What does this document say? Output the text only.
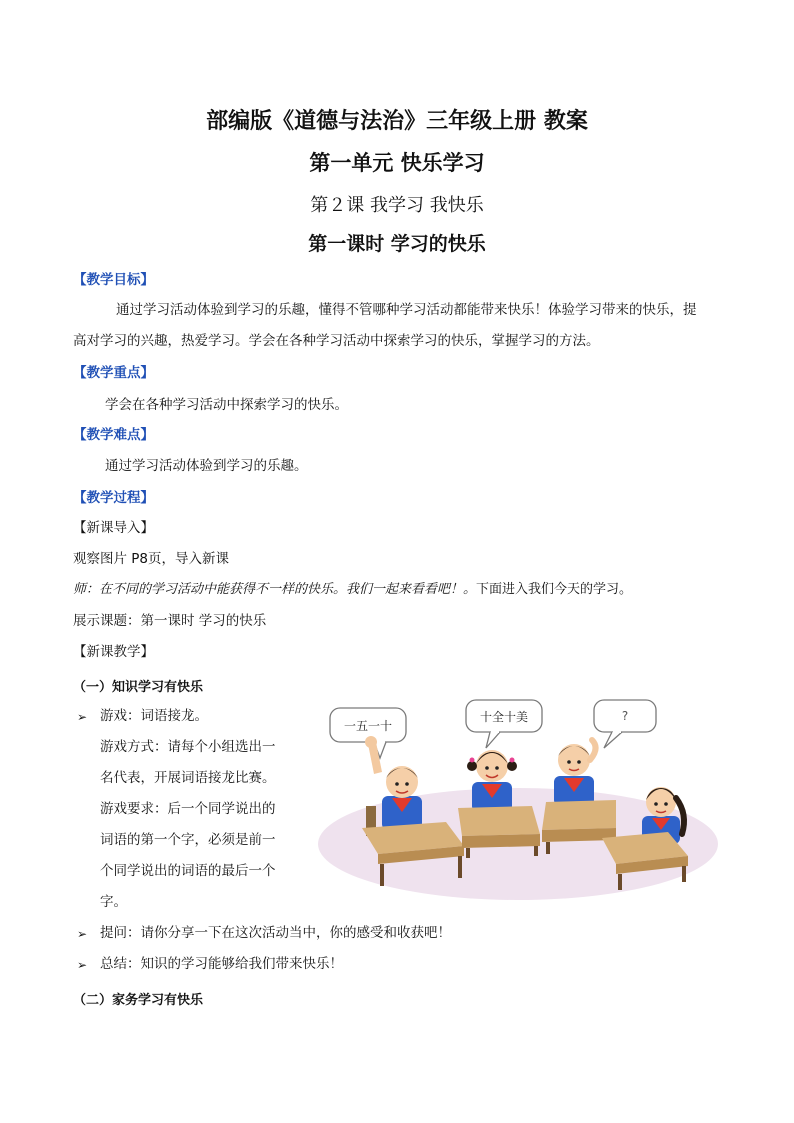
部编版《道德与法治》三年级上册 教案
第一单元 快乐学习
第２课 我学习 我快乐
第一课时 学习的快乐
【教学目标】
通过学习活动体验到学习的乐趣，懂得不管哪种学习活动都能带来快乐！体验学习带来的快乐，提
高对学习的兴趣，热爱学习。学会在各种学习活动中探索学习的快乐，掌握学习的方法。
【教学重点】
学会在各种学习活动中探索学习的快乐。
【教学难点】
通过学习活动体验到学习的乐趣。
【教学过程】
【新课导入】
观察图片 P8页，导入新课
师：在不同的学习活动中能获得不一样的快乐。我们一起来看看吧！。下面进入我们今天的学习。
展示课题：第一课时 学习的快乐
【新课教学】
（一）知识学习有快乐
➢ 游戏：词语接龙。
游戏方式：请每个小组选出一
名代表，开展词语接龙比赛。
游戏要求：后一个同学说出的
词语的第一个字，必须是前一
个同学说出的词语的最后一个
字。
➢ 提问：请你分享一下在这次活动当中，你的感受和收获吧！
➢ 总结：知识的学习能够给我们带来快乐！
（二）家务学习有快乐
一五一十
十全十美	?
